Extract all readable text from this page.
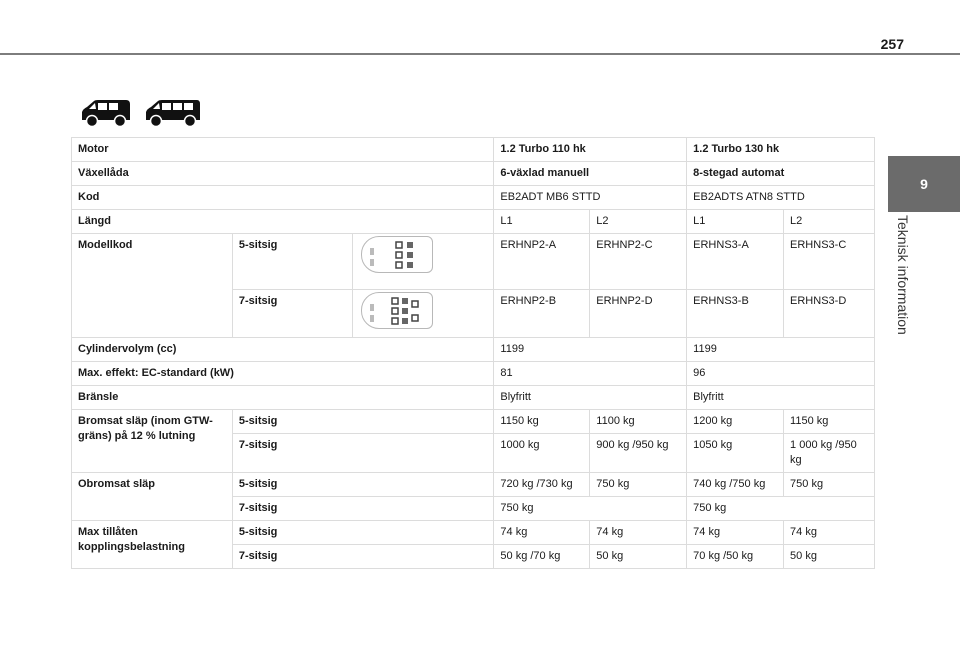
257
9
Teknisk information
Motor			1.2 Turbo 110 hk		1.2 Turbo 130 hk	
Växellåda			6-växlad manuell		8-stegad automat	
Kod			EB2ADT MB6 STTD		EB2ADTS ATN8 STTD	
Längd			L1	L2	L1	L2
Modellkod	5-sitsig		ERHNP2-A	ERHNP2-C	ERHNS3-A	ERHNS3-C
	7-sitsig		ERHNP2-B	ERHNP2-D	ERHNS3-B	ERHNS3-D
Cylindervolym (cc)			1199		1199	
Max. effekt: EC-standard (kW)			81		96	
Bränsle			Blyfritt		Blyfritt	
Bromsat släp (inom GTW-gräns) på 12 % lutning	5-sitsig		1150 kg	1100 kg	1200 kg	1150 kg
	7-sitsig		1000 kg	900 kg /950 kg	1050 kg	1 000 kg /950 kg
Obromsat släp	5-sitsig		720 kg /730 kg	750 kg	740 kg /750 kg	750 kg
	7-sitsig		750 kg		750 kg	
Max tillåten kopplingsbelastning	5-sitsig		74 kg	74 kg	74 kg	74 kg
	7-sitsig		50 kg /70 kg	50 kg	70 kg /50 kg	50 kg
